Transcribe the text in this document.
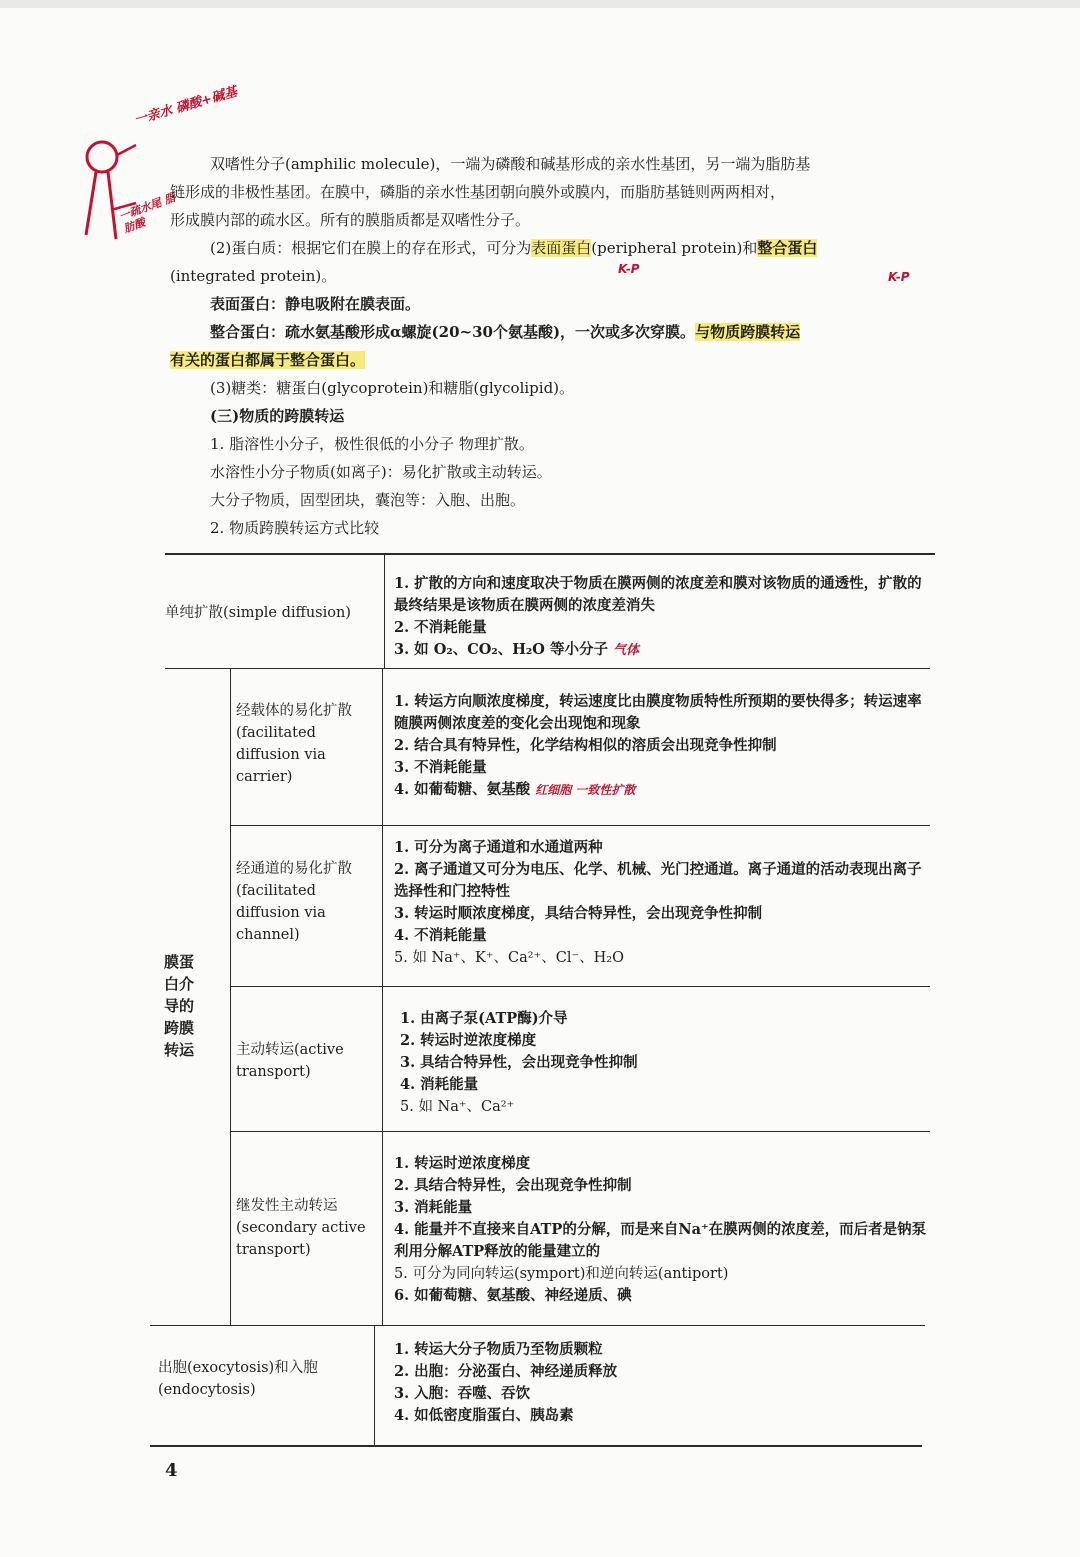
一亲水 磷酸+碱基
一疏水尾 脂肪酸

双嗜性分子(amphilic molecule)，一端为磷酸和碱基形成的亲水性基团，另一端为脂肪基

链形成的非极性基团。在膜中，磷脂的亲水性基团朝向膜外或膜内，而脂肪基链则两两相对，

形成膜内部的疏水区。所有的膜脂质都是双嗜性分子。

(2)蛋白质：根据它们在膜上的存在形式，可分为表面蛋白(peripheral protein)和整合蛋白

(integrated protein)。

表面蛋白：静电吸附在膜表面。

整合蛋白：疏水氨基酸形成α螺旋(20~30个氨基酸)，一次或多次穿膜。与物质跨膜转运

有关的蛋白都属于整合蛋白。

(3)糖类：糖蛋白(glycoprotein)和糖脂(glycolipid)。

(三)物质的跨膜转运

1. 脂溶性小分子，极性很低的小分子 物理扩散。

水溶性小分子物质(如离子)：易化扩散或主动转运。

大分子物质，固型团块，囊泡等：入胞、出胞。

2. 物质跨膜转运方式比较

K-P
K-P
单纯扩散(simple diffusion)

1. 扩散的方向和速度取决于物质在膜两侧的浓度差和膜对该物质的通透性，扩散的最终结果是该物质在膜两侧的浓度差消失

2. 不消耗能量

3. 如 O₂、CO₂、H₂O 等小分子 气体

膜蛋白介导的跨膜转运
经载体的易化扩散(facilitated diffusion via carrier)

1. 转运方向顺浓度梯度，转运速度比由膜度物质特性所预期的要快得多；转运速率随膜两侧浓度差的变化会出现饱和现象

2. 结合具有特异性，化学结构相似的溶质会出现竞争性抑制

3. 不消耗能量

4. 如葡萄糖、氨基酸 红细胞 一致性扩散

经通道的易化扩散(facilitated diffusion via channel)

1. 可分为离子通道和水通道两种

2. 离子通道又可分为电压、化学、机械、光门控通道。离子通道的活动表现出离子选择性和门控特性

3. 转运时顺浓度梯度，具结合特异性，会出现竞争性抑制

4. 不消耗能量

5. 如 Na⁺、K⁺、Ca²⁺、Cl⁻、H₂O

主动转运(active transport)

1. 由离子泵(ATP酶)介导

2. 转运时逆浓度梯度

3. 具结合特异性，会出现竞争性抑制

4. 消耗能量

5. 如 Na⁺、Ca²⁺

继发性主动转运(secondary active transport)

1. 转运时逆浓度梯度

2. 具结合特异性，会出现竞争性抑制

3. 消耗能量

4. 能量并不直接来自ATP的分解，而是来自Na⁺在膜两侧的浓度差，而后者是钠泵利用分解ATP释放的能量建立的

5. 可分为同向转运(symport)和逆向转运(antiport)

6. 如葡萄糖、氨基酸、神经递质、碘

出胞(exocytosis)和入胞(endocytosis)

1. 转运大分子物质乃至物质颗粒

2. 出胞：分泌蛋白、神经递质释放

3. 入胞：吞噬、吞饮

4. 如低密度脂蛋白、胰岛素

4
